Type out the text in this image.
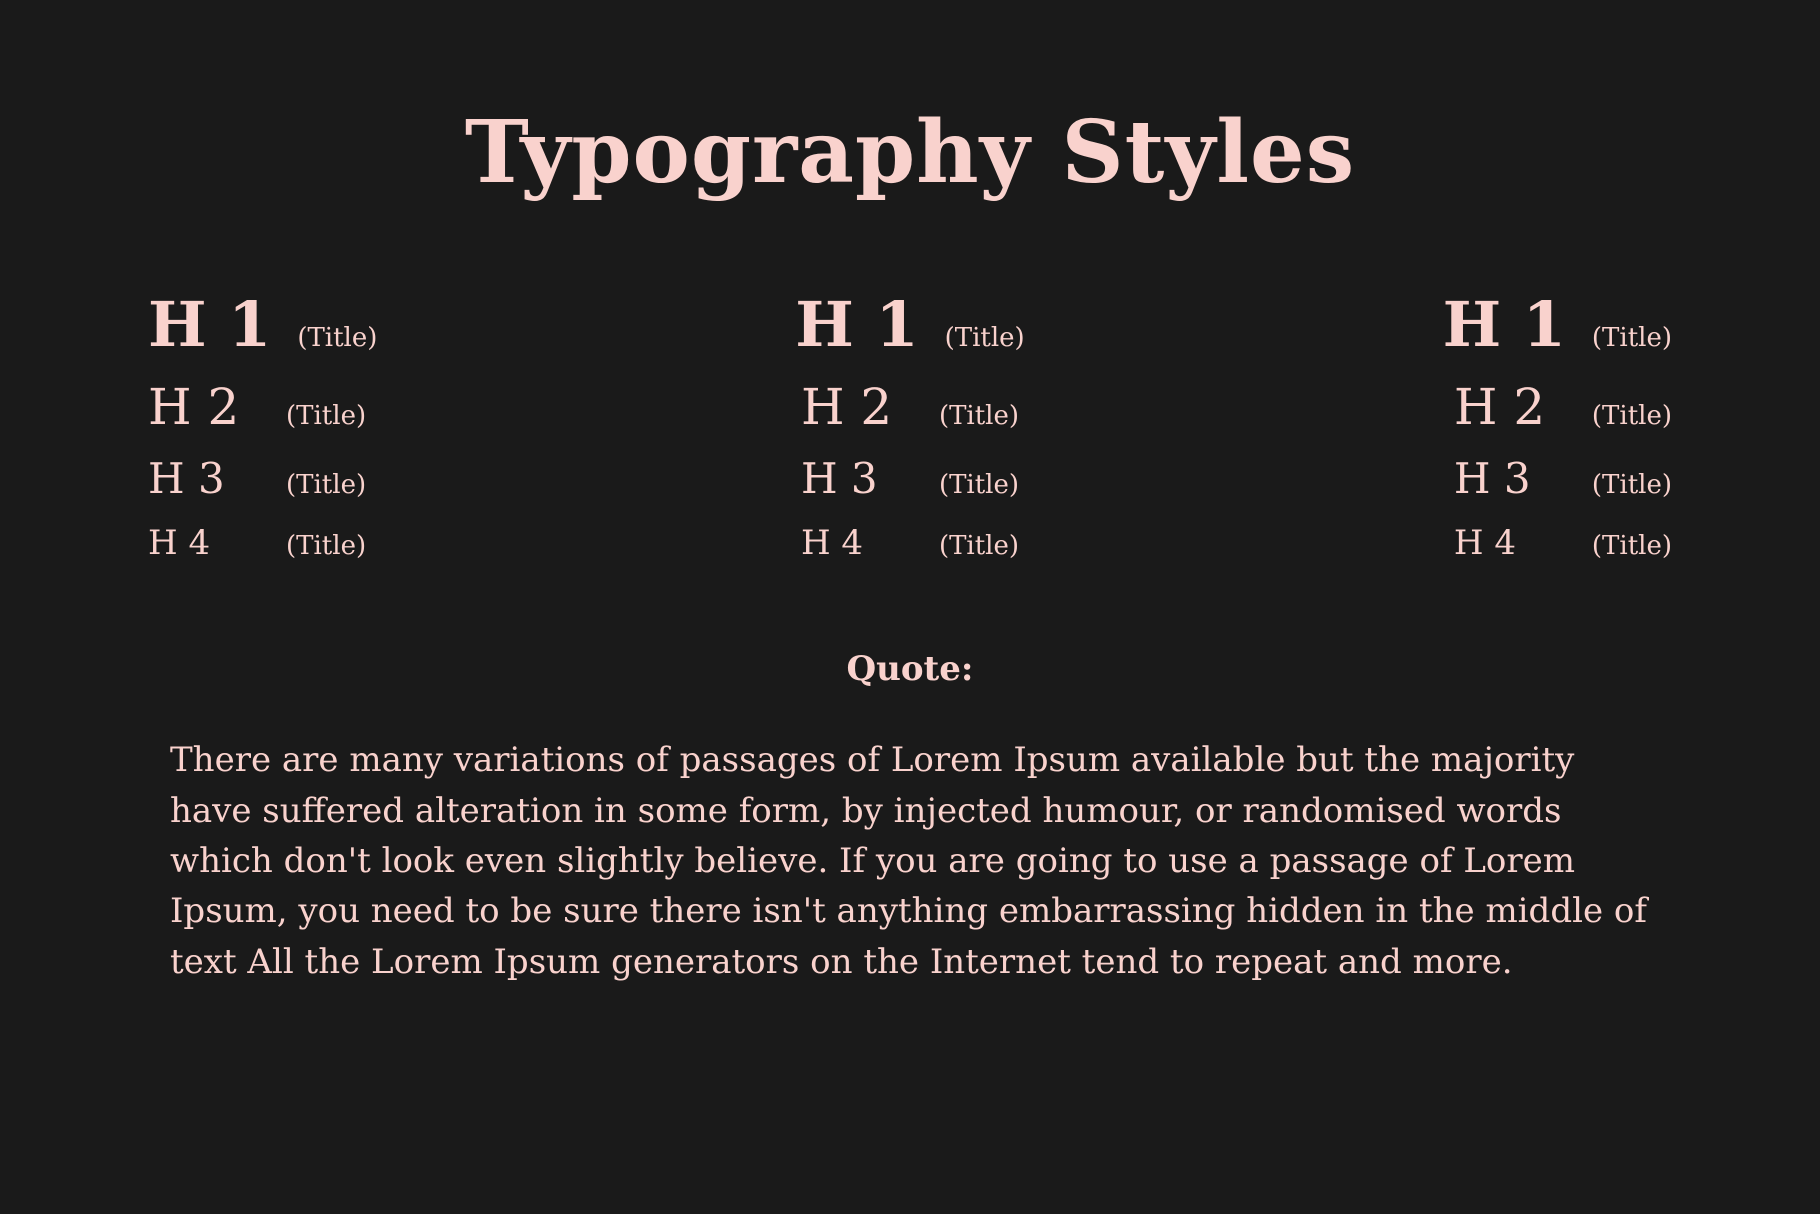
Typography Styles
H 1 (Title)
H 2	(Title)
H 3	(Title)
H 4	(Title)
H 1 (Title)
H 2	(Title)
H 3	(Title)
H 4	(Title)
H 1 (Title)
H 2	(Title)
H 3	(Title)
H 4	(Title)
Quote:

There are many variations of passages of Lorem Ipsum available but the majority have suffered alteration in some form, by injected humour, or randomised words which don't look even slightly believe. If you are going to use a passage of Lorem Ipsum, you need to be sure there isn't anything embarrassing hidden in the middle of text All the Lorem Ipsum generators on the Internet tend to repeat and more.
